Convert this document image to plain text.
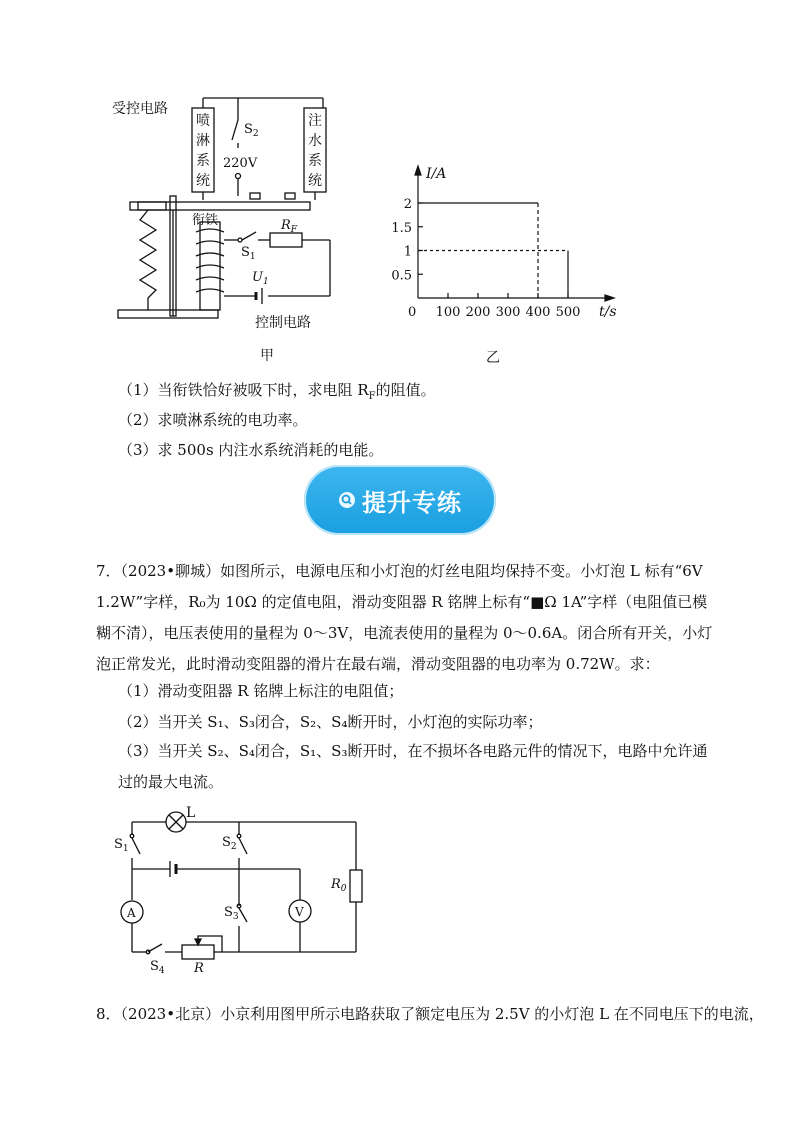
受控电路
喷
淋
系
统
注
水
系
统
$S_2$
220V
衔铁	$R_F$
$S_1$
$U_1$
控制电路
甲
2
1.5
1
0.5
100 200 300 400 500
I/A
t/s
0
乙
（1）当衔铁恰好被吸下时，求电阻 $R_F$的阻值。
（2）求喷淋系统的电功率。
（3）求 500s 内注水系统消耗的电能。
提升专练
7．（2023•聊城）如图所示，电源电压和小灯泡的灯丝电阻均保持不变。小灯泡 L 标有“6V 1.2W”字样，R₀为 10Ω 的定值电阻，滑动变阻器 R 铭牌上标有“■Ω 1A”字样（电阻值已模糊不清），电压表使用的量程为 0～3V，电流表使用的量程为 0～0.6A。闭合所有开关，小灯泡正常发光，此时滑动变阻器的滑片在最右端，滑动变阻器的电功率为 0.72W。求：
（1）滑动变阻器 R 铭牌上标注的电阻值；
（2）当开关 S₁、S₃闭合，S₂、S₄断开时，小灯泡的实际功率；
（3）当开关 S₂、S₄闭合，S₁、S₃断开时，在不损坏各电路元件的情况下，电路中允许通过的最大电流。
L
$S_1$	$S_2$
$S_3$
$S_4$
A	V
$R_0$
R
8．（2023•北京）小京利用图甲所示电路获取了额定电压为 2.5V 的小灯泡 L 在不同电压下的电流，
